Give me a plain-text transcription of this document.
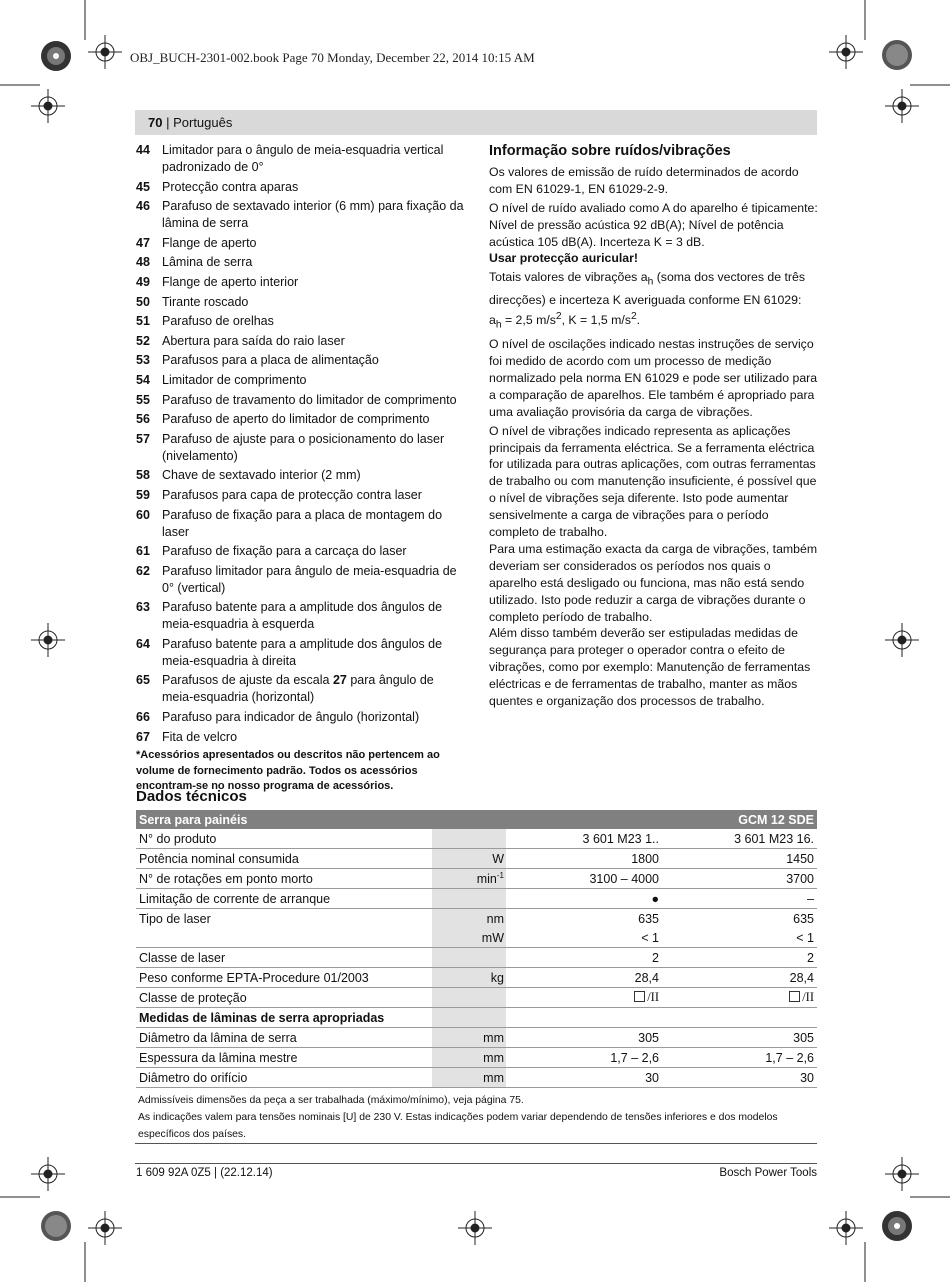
OBJ_BUCH-2301-002.book Page 70 Monday, December 22, 2014 10:15 AM
70 | Português
44 Limitador para o ângulo de meia-esquadria vertical padronizado de 0°
45 Protecção contra aparas
46 Parafuso de sextavado interior (6 mm) para fixação da lâmina de serra
47 Flange de aperto
48 Lâmina de serra
49 Flange de aperto interior
50 Tirante roscado
51 Parafuso de orelhas
52 Abertura para saída do raio laser
53 Parafusos para a placa de alimentação
54 Limitador de comprimento
55 Parafuso de travamento do limitador de comprimento
56 Parafuso de aperto do limitador de comprimento
57 Parafuso de ajuste para o posicionamento do laser (nivelamento)
58 Chave de sextavado interior (2 mm)
59 Parafusos para capa de protecção contra laser
60 Parafuso de fixação para a placa de montagem do laser
61 Parafuso de fixação para a carcaça do laser
62 Parafuso limitador para ângulo de meia-esquadria de 0° (vertical)
63 Parafuso batente para a amplitude dos ângulos de meia-esquadria à esquerda
64 Parafuso batente para a amplitude dos ângulos de meia-esquadria à direita
65 Parafusos de ajuste da escala 27 para ângulo de meia-esquadria (horizontal)
66 Parafuso para indicador de ângulo (horizontal)
67 Fita de velcro
*Acessórios apresentados ou descritos não pertencem ao volume de fornecimento padrão. Todos os acessórios encontram-se no nosso programa de acessórios.
Informação sobre ruídos/vibrações

Os valores de emissão de ruído determinados de acordo com EN 61029-1, EN 61029-2-9.

O nível de ruído avaliado como A do aparelho é tipicamente: Nível de pressão acústica 92 dB(A); Nível de potência acústica 105 dB(A). Incerteza K = 3 dB.

Usar protecção auricular!

Totais valores de vibrações $a_h$ (soma dos vectores de três direcções) e incerteza K averiguada conforme EN 61029:
$a_h = 2,5$ $m/s^2$, K = 1,5 $m/s^2$.

O nível de oscilações indicado nestas instruções de serviço foi medido de acordo com um processo de medição normalizado pela norma EN 61029 e pode ser utilizado para a comparação de aparelhos. Ele também é apropriado para uma avaliação provisória da carga de vibrações.

O nível de vibrações indicado representa as aplicações principais da ferramenta eléctrica. Se a ferramenta eléctrica for utilizada para outras aplicações, com outras ferramentas de trabalho ou com manutenção insuficiente, é possível que o nível de vibrações seja diferente. Isto pode aumentar sensivelmente a carga de vibrações para o período completo de trabalho.

Para uma estimação exacta da carga de vibrações, também deveriam ser considerados os períodos nos quais o aparelho está desligado ou funciona, mas não está sendo utilizado. Isto pode reduzir a carga de vibrações durante o completo período de trabalho.

Além disso também deverão ser estipuladas medidas de segurança para proteger o operador contra o efeito de vibrações, como por exemplo: Manutenção de ferramentas eléctricas e de ferramentas de trabalho, manter as mãos quentes e organização dos processos de trabalho.

Dados técnicos
Serra para painéis		GCM 12 SDE	
N° do produto		3 601 M23 1..	3 601 M23 16.
Potência nominal consumida	W	1800	1450
N° de rotações em ponto morto	$\min^{-1}$	3100 – 4000	3700
Limitação de corrente de arranque		●	–
Tipo de laser	nm	635	635
	mW	< 1	< 1
Classe de laser		2	2
Peso conforme EPTA-Procedure 01/2003	kg	28,4	28,4
Classe de proteção		/II	/II
Medidas de lâminas de serra apropriadas			
Diâmetro da lâmina de serra	mm	305	305
Espessura da lâmina mestre	mm	1,7 – 2,6	1,7 – 2,6
Diâmetro do orifício	mm	30	30

Admissíveis dimensões da peça a ser trabalhada (máximo/mínimo), veja página 75.

As indicações valem para tensões nominais [U] de 230 V. Estas indicações podem variar dependendo de tensões inferiores e dos modelos específicos dos países.

1 609 92A 0Z5 | (22.12.14)	Bosch Power Tools
